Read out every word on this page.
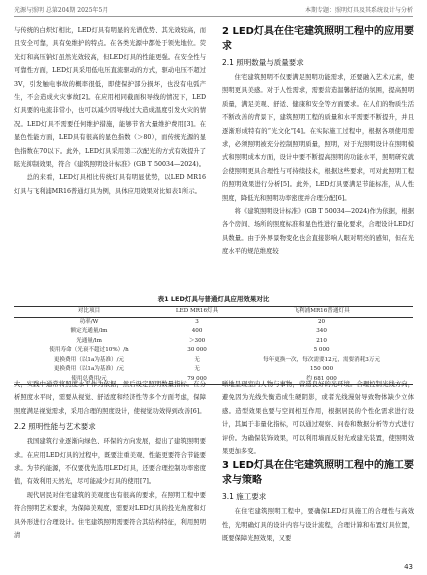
光源与照明 总第204期 2025年5月	本期专题：照明灯具及其系统设计与分析

与传统的白炽灯相比，LED灯具有明显的光谱优势、其光效较高，而且安全可靠，具有免维护的特点。在各类光源中都处于领先地位。荧光灯和高压钠灯虽然光效较高，但LED灯具的性能更强。在安全性与可靠性方面，LED灯具采用低电压直流驱动的方式，驱动电压不超过3V，引发触电事故的概率很低，即使保护部分损坏，也没有电弧产生，不会造成火灾事故[2]。在应用相同截面积导线的情况下，LED灯具要的电流非常小，也可以减少因导线过大造成温度引发火灾的情况。LED灯具不需要任何维护措施，能够节省大量维护费用[3]。在显色性能方面，LED具有很高的显色指数（＞80），而传统光源的显色指数在70以下。此外，LED灯具采用第二次配光的方式有效提升了眩光抑制效果，符合《建筑照明设计标准》(GB T 50034—2024)。

总的来看，LED灯具相比传统灯具有明显优势，以LED MR16灯具与飞利浦MR16普通灯具为例，具体应用效果对比如表1所示。

2 LED灯具在住宅建筑照明工程中的应用要求
2.1 照明数量与质量要求

住宅建筑照明不仅要满足照明功能需求，还要融入艺术元素，使照明更具美感。对于人性需求，需要营造温馨舒适的氛围，提高照明质量，满足美观、舒适、健康和安全等方面要求。在人们的物质生活不断改善的背景下，建筑照明工程的质量和水平需要不断提升，并且逐渐形成特有的“光文化”[4]。在实际施工过程中，根据各项使用需求，必须照明被充分控制照明质量，照明，对于光照明设计在照明模式和照明成本方面，设计中要不断提高照明的功能水平，照明研究就会使照明更具合理性与可持续技术，根据这些要求，可对此照明工程的照明效果进行分析[5]。此外，LED灯具要满足节能标准，从人性照度，降低光和照明功率密度并合理分配[6]。

将《建筑照明设计标准》(GB T 50034—2024)作为依据，根据各个房间、场所的照度标准和显色性进行量化要求，合理设计LED灯具数量。由于外界景物变化也会直接影响人眼对明亮的感知，但在光度水平的规范维度较

表1 LED灯具与普通灯具应用效果对比
对比项目	LED MR16灯具	飞利浦MR16普通灯具
功率/W	3	20
额定光通量/lm	400	340
光通量/lm	＞300	210
使用寿命（光衰不超过10%）/h	30 000	5 000
更换费用（以1a为基准）/元	无	每年更换一次，每次需要12元，需要消耗3万元
更换费用（以1a为基准）/元	无	150 000
使用总费用/元	79 000	约 681 000

大，实践中通常将照度水平作为依据，然后设定照明数量指标。在分析照度水平时，需要从视觉、舒适度和经济性等多个方面考虑，保障照度满足视觉需求，采用合理的照度设计，使视觉功效得到改善[6]。

2.2 照明性能与艺术要求

我国建筑行业逐渐向绿色、环保的方向发展，提出了建筑照明要求。在应用LED灯具的过程中，既要注重美观、性能更要符合节能要求。为节约能源，不仅要优先选用LED灯具，还要合理控制功率密度值，有效利用天然光，尽可能减少灯具的使用[7]。

现代居民对住宅建筑的美观度也有很高的要求，在照明工程中要符合照明艺术要求，为保障美观度，需要对LED灯具的投光角度和灯具外形进行合理设计。住宅建筑照明需要符合其结构特征，利用照明清

晰地呈现室内人物与事物，营造良好的光环境。合理控制光线方向，避免因为光线失衡造成生硬阴影，或者光线漫射导致物体缺少立体感。造型效果也要与空间相互作用，根据居民的个性化需求进行设计，其属于非量化指标，可以通过观察、问卷和数据分析等方式进行评价。为确保装饰效果，可以利用墙面反射光或建光装置，使照明效果更加多变。

3 LED灯具在住宅建筑照明工程中的施工要求与策略
3.1 施工要求

在住宅建筑照明工程中，要确保LED灯具施工的合理性与高效性，光明确灯具的设计内容与设计流程，合理计算和布置灯具位置，既要保障光照效果，又要

43
